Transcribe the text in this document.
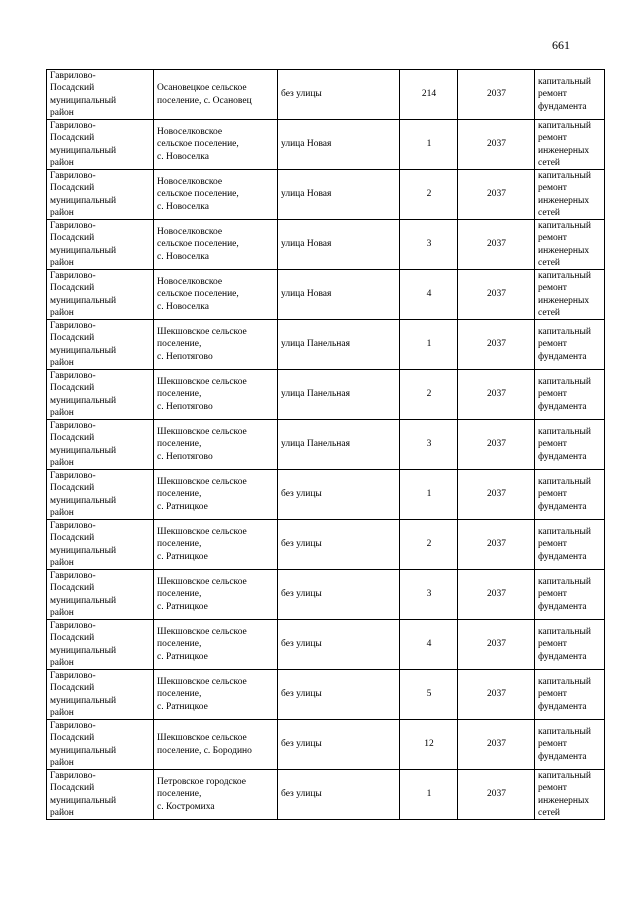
661
Гаврилово-
Посадский
муниципальный
район	Осановецкое сельское
поселение, с. Осановец	без улицы	214	2037	капитальный
ремонт
фундамента

Гаврилово-
Посадский
муниципальный
район	Новоселковское
сельское поселение,
с. Новоселка	улица Новая	1	2037	капитальный
ремонт
инженерных
сетей

Гаврилово-
Посадский
муниципальный
район	Новоселковское
сельское поселение,
с. Новоселка	улица Новая	2	2037	капитальный
ремонт
инженерных
сетей

Гаврилово-
Посадский
муниципальный
район	Новоселковское
сельское поселение,
с. Новоселка	улица Новая	3	2037	капитальный
ремонт
инженерных
сетей

Гаврилово-
Посадский
муниципальный
район	Новоселковское
сельское поселение,
с. Новоселка	улица Новая	4	2037	капитальный
ремонт
инженерных
сетей

Гаврилово-
Посадский
муниципальный
район	Шекшовское сельское
поселение,
с. Непотягово	улица Панельная	1	2037	капитальный
ремонт
фундамента

Гаврилово-
Посадский
муниципальный
район	Шекшовское сельское
поселение,
с. Непотягово	улица Панельная	2	2037	капитальный
ремонт
фундамента

Гаврилово-
Посадский
муниципальный
район	Шекшовское сельское
поселение,
с. Непотягово	улица Панельная	3	2037	капитальный
ремонт
фундамента

Гаврилово-
Посадский
муниципальный
район	Шекшовское сельское
поселение,
с. Ратницкое	без улицы	1	2037	капитальный
ремонт
фундамента

Гаврилово-
Посадский
муниципальный
район	Шекшовское сельское
поселение,
с. Ратницкое	без улицы	2	2037	капитальный
ремонт
фундамента

Гаврилово-
Посадский
муниципальный
район	Шекшовское сельское
поселение,
с. Ратницкое	без улицы	3	2037	капитальный
ремонт
фундамента

Гаврилово-
Посадский
муниципальный
район	Шекшовское сельское
поселение,
с. Ратницкое	без улицы	4	2037	капитальный
ремонт
фундамента

Гаврилово-
Посадский
муниципальный
район	Шекшовское сельское
поселение,
с. Ратницкое	без улицы	5	2037	капитальный
ремонт
фундамента

Гаврилово-
Посадский
муниципальный
район	Шекшовское сельское
поселение, с. Бородино	без улицы	12	2037	капитальный
ремонт
фундамента

Гаврилово-
Посадский
муниципальный
район	Петровское городское
поселение,
с. Костромиха	без улицы	1	2037	капитальный
ремонт
инженерных
сетей
